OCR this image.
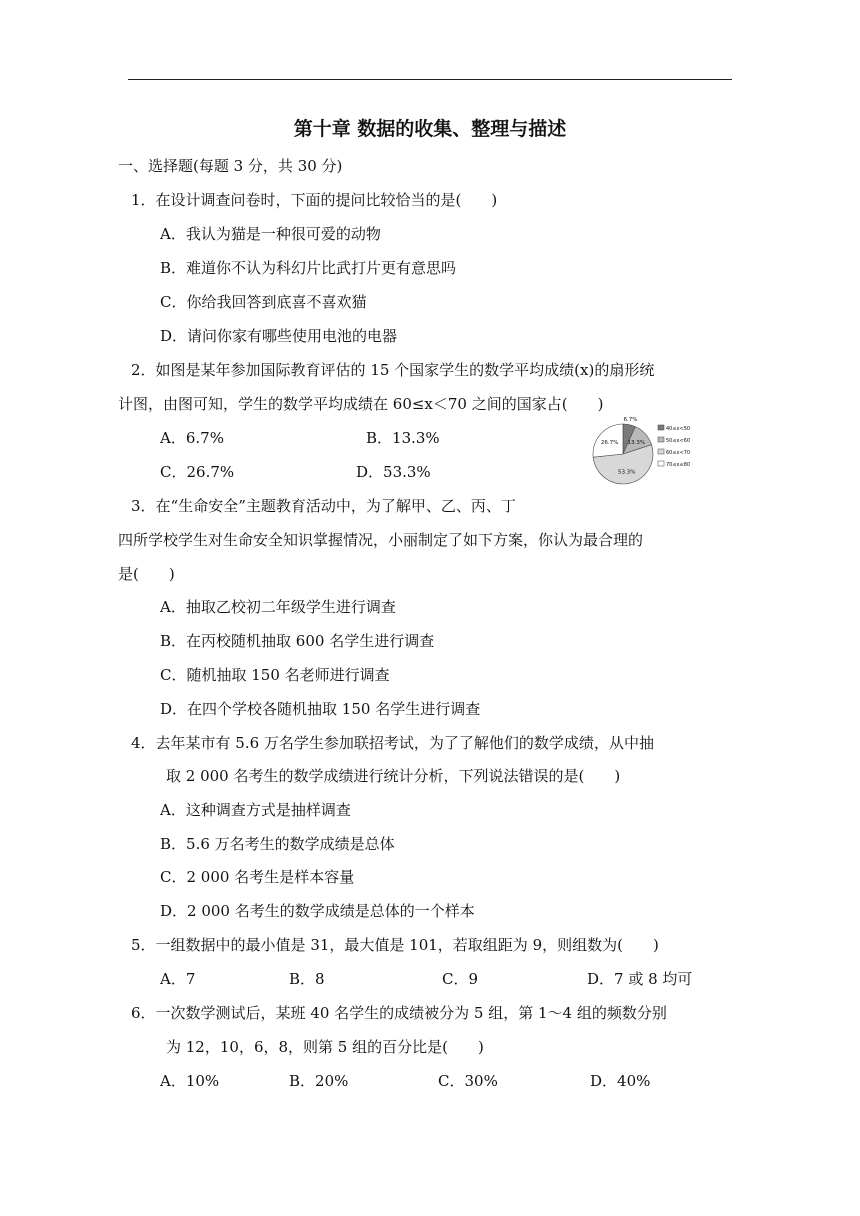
第十章 数据的收集、整理与描述
一、选择题(每题 3 分，共 30 分)
1．在设计调查问卷时，下面的提问比较恰当的是(　　)
A．我认为猫是一种很可爱的动物
B．难道你不认为科幻片比武打片更有意思吗
C．你给我回答到底喜不喜欢猫
D．请问你家有哪些使用电池的电器
2．如图是某年参加国际教育评估的 15 个国家学生的数学平均成绩(x)的扇形统
计图，由图可知，学生的数学平均成绩在 60≤x＜70 之间的国家占(　　)
A．6.7%	B．13.3%
C．26.7%	D．53.3%
6.7%
13.3%
53.3%
26.7%
40≤x<50
50≤x<60
60≤x<70
70≤x≤80
3．在“生命安全”主题教育活动中，为了解甲、乙、丙、丁
四所学校学生对生命安全知识掌握情况，小丽制定了如下方案，你认为最合理的
是(　　)
A．抽取乙校初二年级学生进行调查
B．在丙校随机抽取 600 名学生进行调查
C．随机抽取 150 名老师进行调查
D．在四个学校各随机抽取 150 名学生进行调查
4．去年某市有 5.6 万名学生参加联招考试，为了了解他们的数学成绩，从中抽
取 2 000 名考生的数学成绩进行统计分析，下列说法错误的是(　　)
A．这种调查方式是抽样调查
B．5.6 万名考生的数学成绩是总体
C．2 000 名考生是样本容量
D．2 000 名考生的数学成绩是总体的一个样本
5．一组数据中的最小值是 31，最大值是 101，若取组距为 9，则组数为(　　)
A．7	B．8	C．9	D．7 或 8 均可
6．一次数学测试后，某班 40 名学生的成绩被分为 5 组，第 1～4 组的频数分别
为 12，10，6，8，则第 5 组的百分比是(　　)
A．10%	B．20%	C．30%	D．40%
